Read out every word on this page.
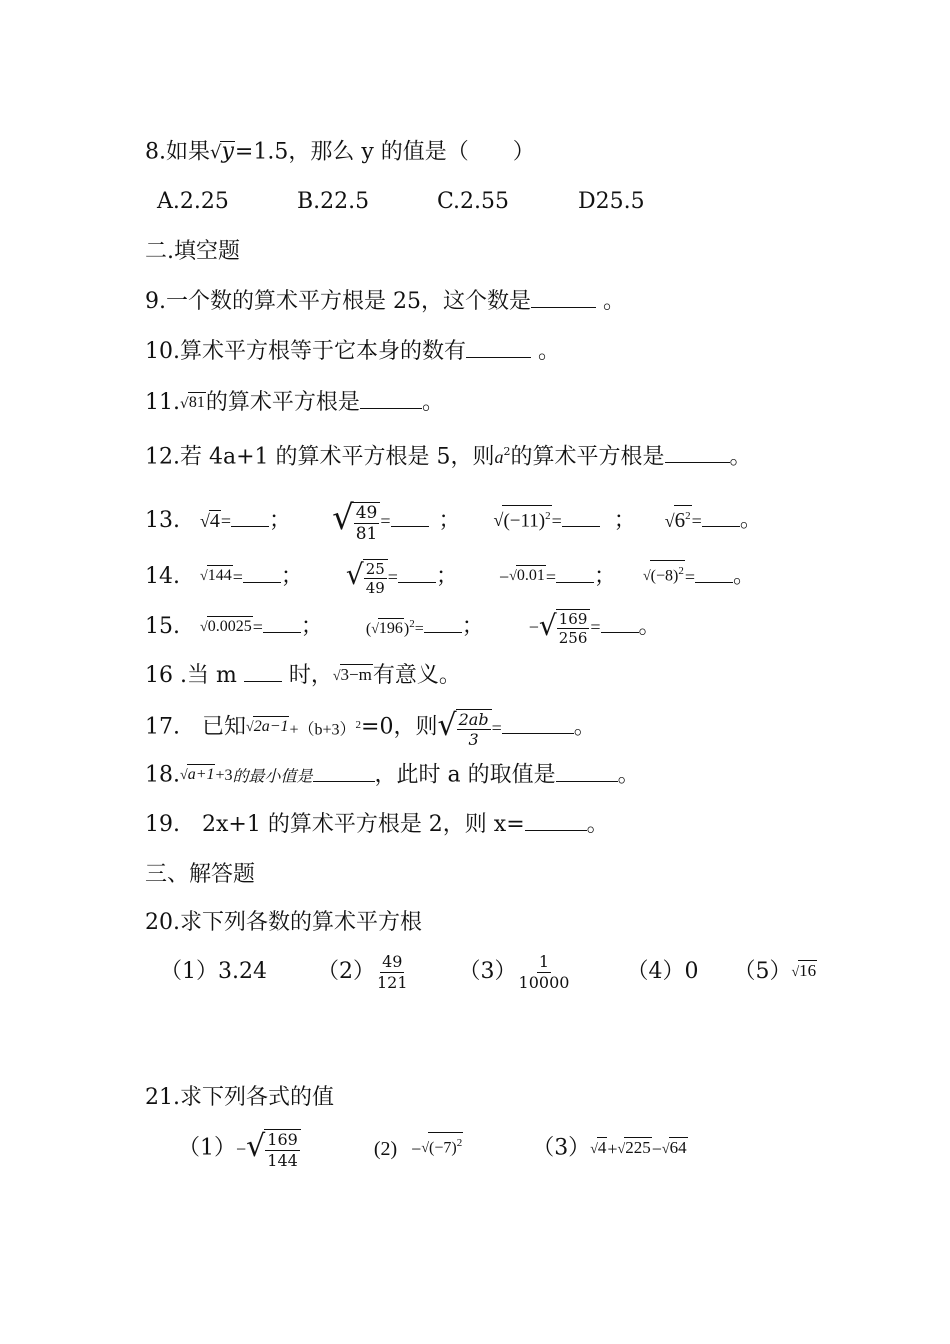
8.如果√y=1.5，那么 y 的值是（　　）
A.2.25	B.22.5	C.2.55	D25.5
二.填空题
9.一个数的算术平方根是 25，这个数是	。
10.算术平方根等于它本身的数有	。
11.√81的算术平方根是	。
12.若 4a+1 的算术平方根是 5，则$a^2$的算术平方根是	。
13. √4= ； √ $\frac{49}{81}$ = ； $√(-11)^2=$ ； $√6^2=$ 。
14. √144= ； √ $\frac{25}{49}$ = ； −√0.01= ； $√(-8)^2=$ 。
15. √0.0025= ；	$(√196)^2=$ ；	−√ $\frac{169}{256}$ = 。
16 .当 m  时，√3−m有意义。
17.　已知$√2a-1+(b+3)^2=0$，则√ $\frac{2ab}{3}$ =	。
18.√a+1+3的最小值是	，此时 a 的取值是	。
19.　2x+1 的算术平方根是 2，则 x=	。
三、解答题
20.求下列各数的算术平方根
（1）3.24 $(2) \frac{49}{121} (3) \frac{1}{10000}$	（4）0 （5）√16
21.求下列各式的值
$(1)-√ \frac{169}{144}$	$(2) -√(-7)^2$	（3）√4+√225−√64
